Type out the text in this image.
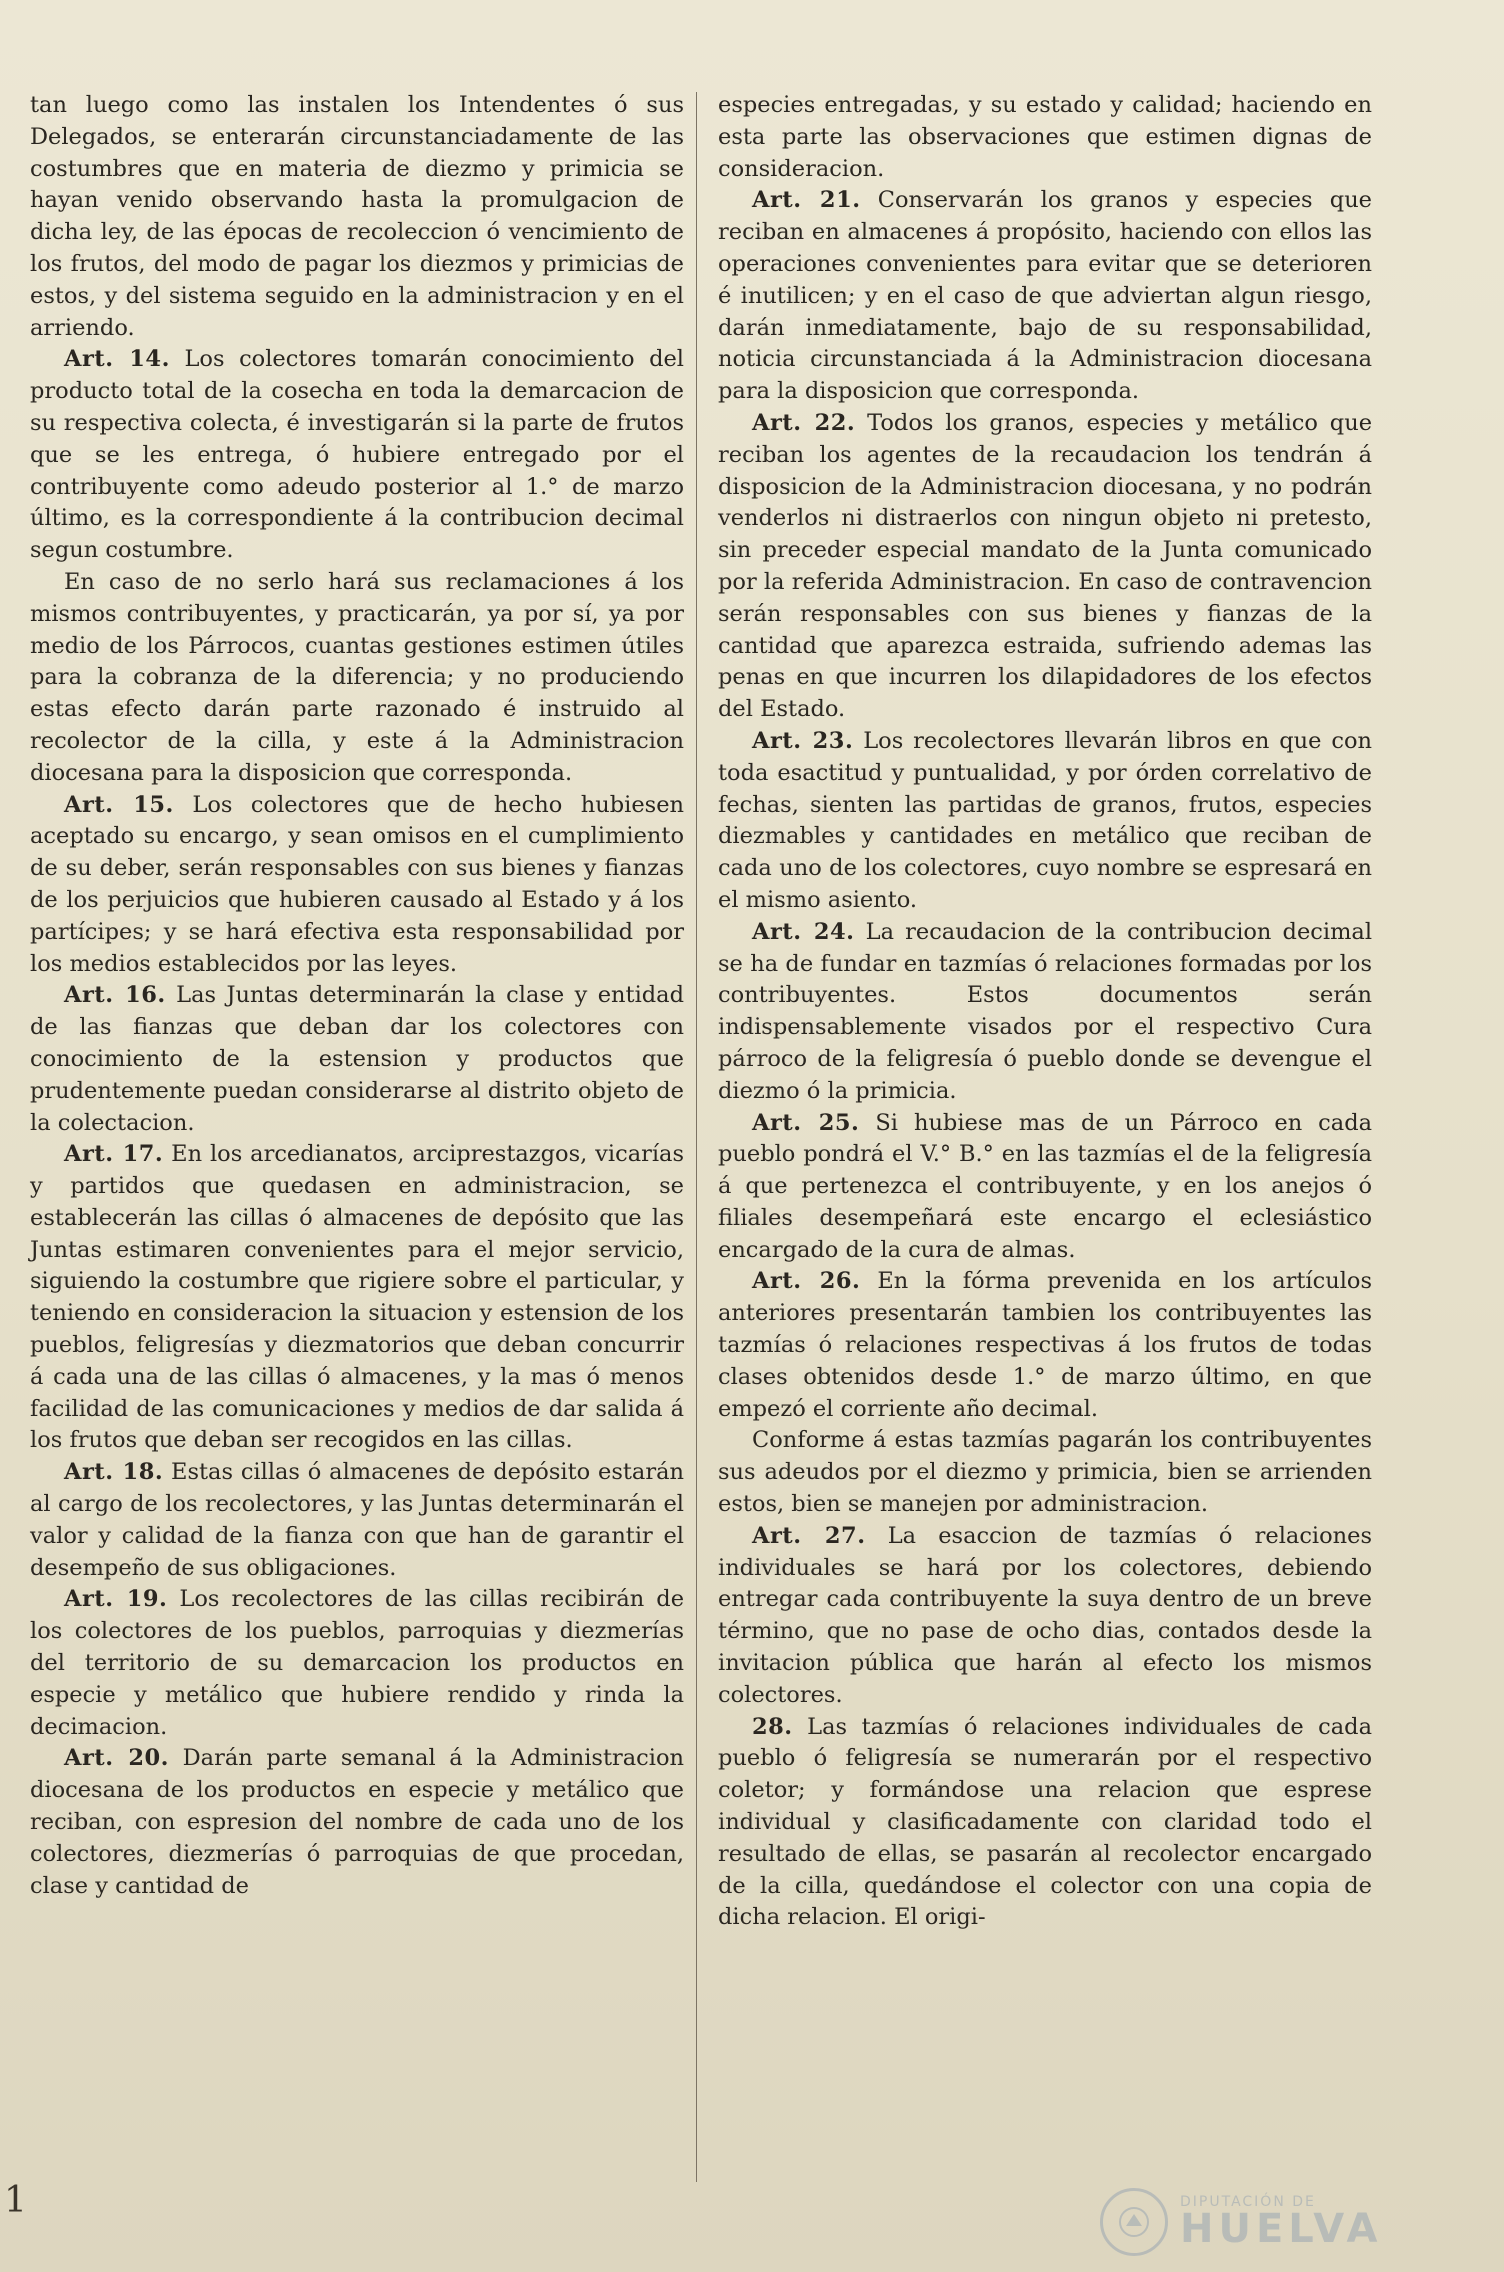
tan luego como las instalen los Intendentes ó sus Delegados, se enterarán circunstanciadamente de las costumbres que en materia de diezmo y primicia se hayan venido observando hasta la promulgacion de dicha ley, de las épocas de recoleccion ó vencimiento de los frutos, del modo de pagar los diezmos y primicias de estos, y del sistema seguido en la administracion y en el arriendo.

Art. 14. Los colectores tomarán conocimiento del producto total de la cosecha en toda la demarcacion de su respectiva colecta, é investigarán si la parte de frutos que se les entrega, ó hubiere entregado por el contribuyente como adeudo posterior al 1.° de marzo último, es la correspondiente á la contribucion decimal segun costumbre.

En caso de no serlo hará sus reclamaciones á los mismos contribuyentes, y practicarán, ya por sí, ya por medio de los Párrocos, cuantas gestiones estimen útiles para la cobranza de la diferencia; y no produciendo estas efecto darán parte razonado é instruido al recolector de la cilla, y este á la Administracion diocesana para la disposicion que corresponda.

Art. 15. Los colectores que de hecho hubiesen aceptado su encargo, y sean omisos en el cumplimiento de su deber, serán responsables con sus bienes y fianzas de los perjuicios que hubieren causado al Estado y á los partícipes; y se hará efectiva esta responsabilidad por los medios establecidos por las leyes.

Art. 16. Las Juntas determinarán la clase y entidad de las fianzas que deban dar los colectores con conocimiento de la estension y productos que prudentemente puedan considerarse al distrito objeto de la colectacion.

Art. 17. En los arcedianatos, arciprestazgos, vicarías y partidos que quedasen en administracion, se establecerán las cillas ó almacenes de depósito que las Juntas estimaren convenientes para el mejor servicio, siguiendo la costumbre que rigiere sobre el particular, y teniendo en consideracion la situacion y estension de los pueblos, feligresías y diezmatorios que deban concurrir á cada una de las cillas ó almacenes, y la mas ó menos facilidad de las comunicaciones y medios de dar salida á los frutos que deban ser recogidos en las cillas.

Art. 18. Estas cillas ó almacenes de depósito estarán al cargo de los recolectores, y las Juntas determinarán el valor y calidad de la fianza con que han de garantir el desempeño de sus obligaciones.

Art. 19. Los recolectores de las cillas recibirán de los colectores de los pueblos, parroquias y diezmerías del territorio de su demarcacion los productos en especie y metálico que hubiere rendido y rinda la decimacion.

Art. 20. Darán parte semanal á la Administracion diocesana de los productos en especie y metálico que reciban, con espresion del nombre de cada uno de los colectores, diezmerías ó parroquias de que procedan, clase y cantidad de

especies entregadas, y su estado y calidad; haciendo en esta parte las observaciones que estimen dignas de consideracion.

Art. 21. Conservarán los granos y especies que reciban en almacenes á propósito, haciendo con ellos las operaciones convenientes para evitar que se deterioren é inutilicen; y en el caso de que adviertan algun riesgo, darán inmediatamente, bajo de su responsabilidad, noticia circunstanciada á la Administracion diocesana para la disposicion que corresponda.

Art. 22. Todos los granos, especies y metálico que reciban los agentes de la recaudacion los tendrán á disposicion de la Administracion diocesana, y no podrán venderlos ni distraerlos con ningun objeto ni pretesto, sin preceder especial mandato de la Junta comunicado por la referida Administracion. En caso de contravencion serán responsables con sus bienes y fianzas de la cantidad que aparezca estraida, sufriendo ademas las penas en que incurren los dilapidadores de los efectos del Estado.

Art. 23. Los recolectores llevarán libros en que con toda esactitud y puntualidad, y por órden correlativo de fechas, sienten las partidas de granos, frutos, especies diezmables y cantidades en metálico que reciban de cada uno de los colectores, cuyo nombre se espresará en el mismo asiento.

Art. 24. La recaudacion de la contribucion decimal se ha de fundar en tazmías ó relaciones formadas por los contribuyentes. Estos documentos serán indispensablemente visados por el respectivo Cura párroco de la feligresía ó pueblo donde se devengue el diezmo ó la primicia.

Art. 25. Si hubiese mas de un Párroco en cada pueblo pondrá el V.° B.° en las tazmías el de la feligresía á que pertenezca el contribuyente, y en los anejos ó filiales desempeñará este encargo el eclesiástico encargado de la cura de almas.

Art. 26. En la fórma prevenida en los artículos anteriores presentarán tambien los contribuyentes las tazmías ó relaciones respectivas á los frutos de todas clases obtenidos desde 1.° de marzo último, en que empezó el corriente año decimal.

Conforme á estas tazmías pagarán los contribuyentes sus adeudos por el diezmo y primicia, bien se arrienden estos, bien se manejen por administracion.

Art. 27. La esaccion de tazmías ó relaciones individuales se hará por los colectores, debiendo entregar cada contribuyente la suya dentro de un breve término, que no pase de ocho dias, contados desde la invitacion pública que harán al efecto los mismos colectores.

28. Las tazmías ó relaciones individuales de cada pueblo ó feligresía se numerarán por el respectivo coletor; y formándose una relacion que esprese individual y clasificadamente con claridad todo el resultado de ellas, se pasarán al recolector encargado de la cilla, quedándose el colector con una copia de dicha relacion. El origi-

1	DIPUTACIÓN DE
HUELVA
